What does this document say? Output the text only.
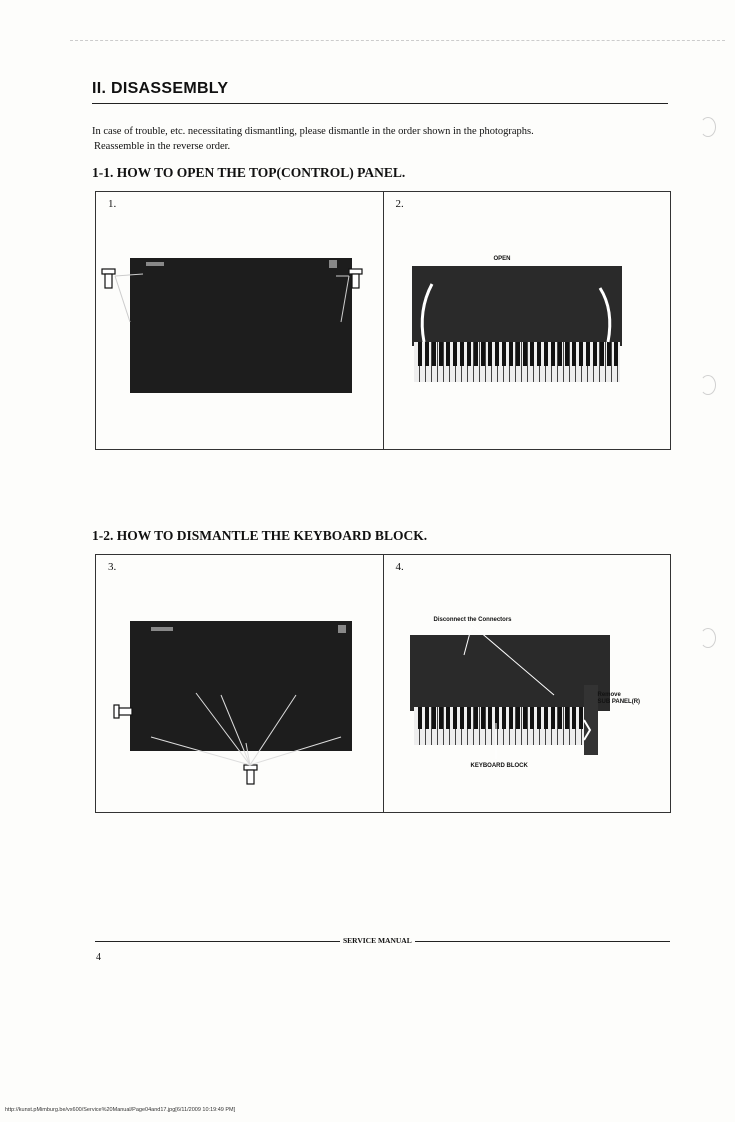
II. DISASSEMBLY
In case of trouble, etc. necessitating dismantling, please dismantle in the order shown in the photographs.
Reassemble in the reverse order.
1-1. HOW TO OPEN THE TOP(CONTROL) PANEL.
1.	2.
OPEN
1-2. HOW TO DISMANTLE THE KEYBOARD BLOCK.
3.	4.
Disconnect the Connectors
Remove
SUB PANEL(R)
KEYBOARD BLOCK
SERVICE MANUAL
4
http://kunst.pMimburg.be/vx600/Service%20Manual/Page04and17.jpg[6/11/2009 10:19:49 PM]
